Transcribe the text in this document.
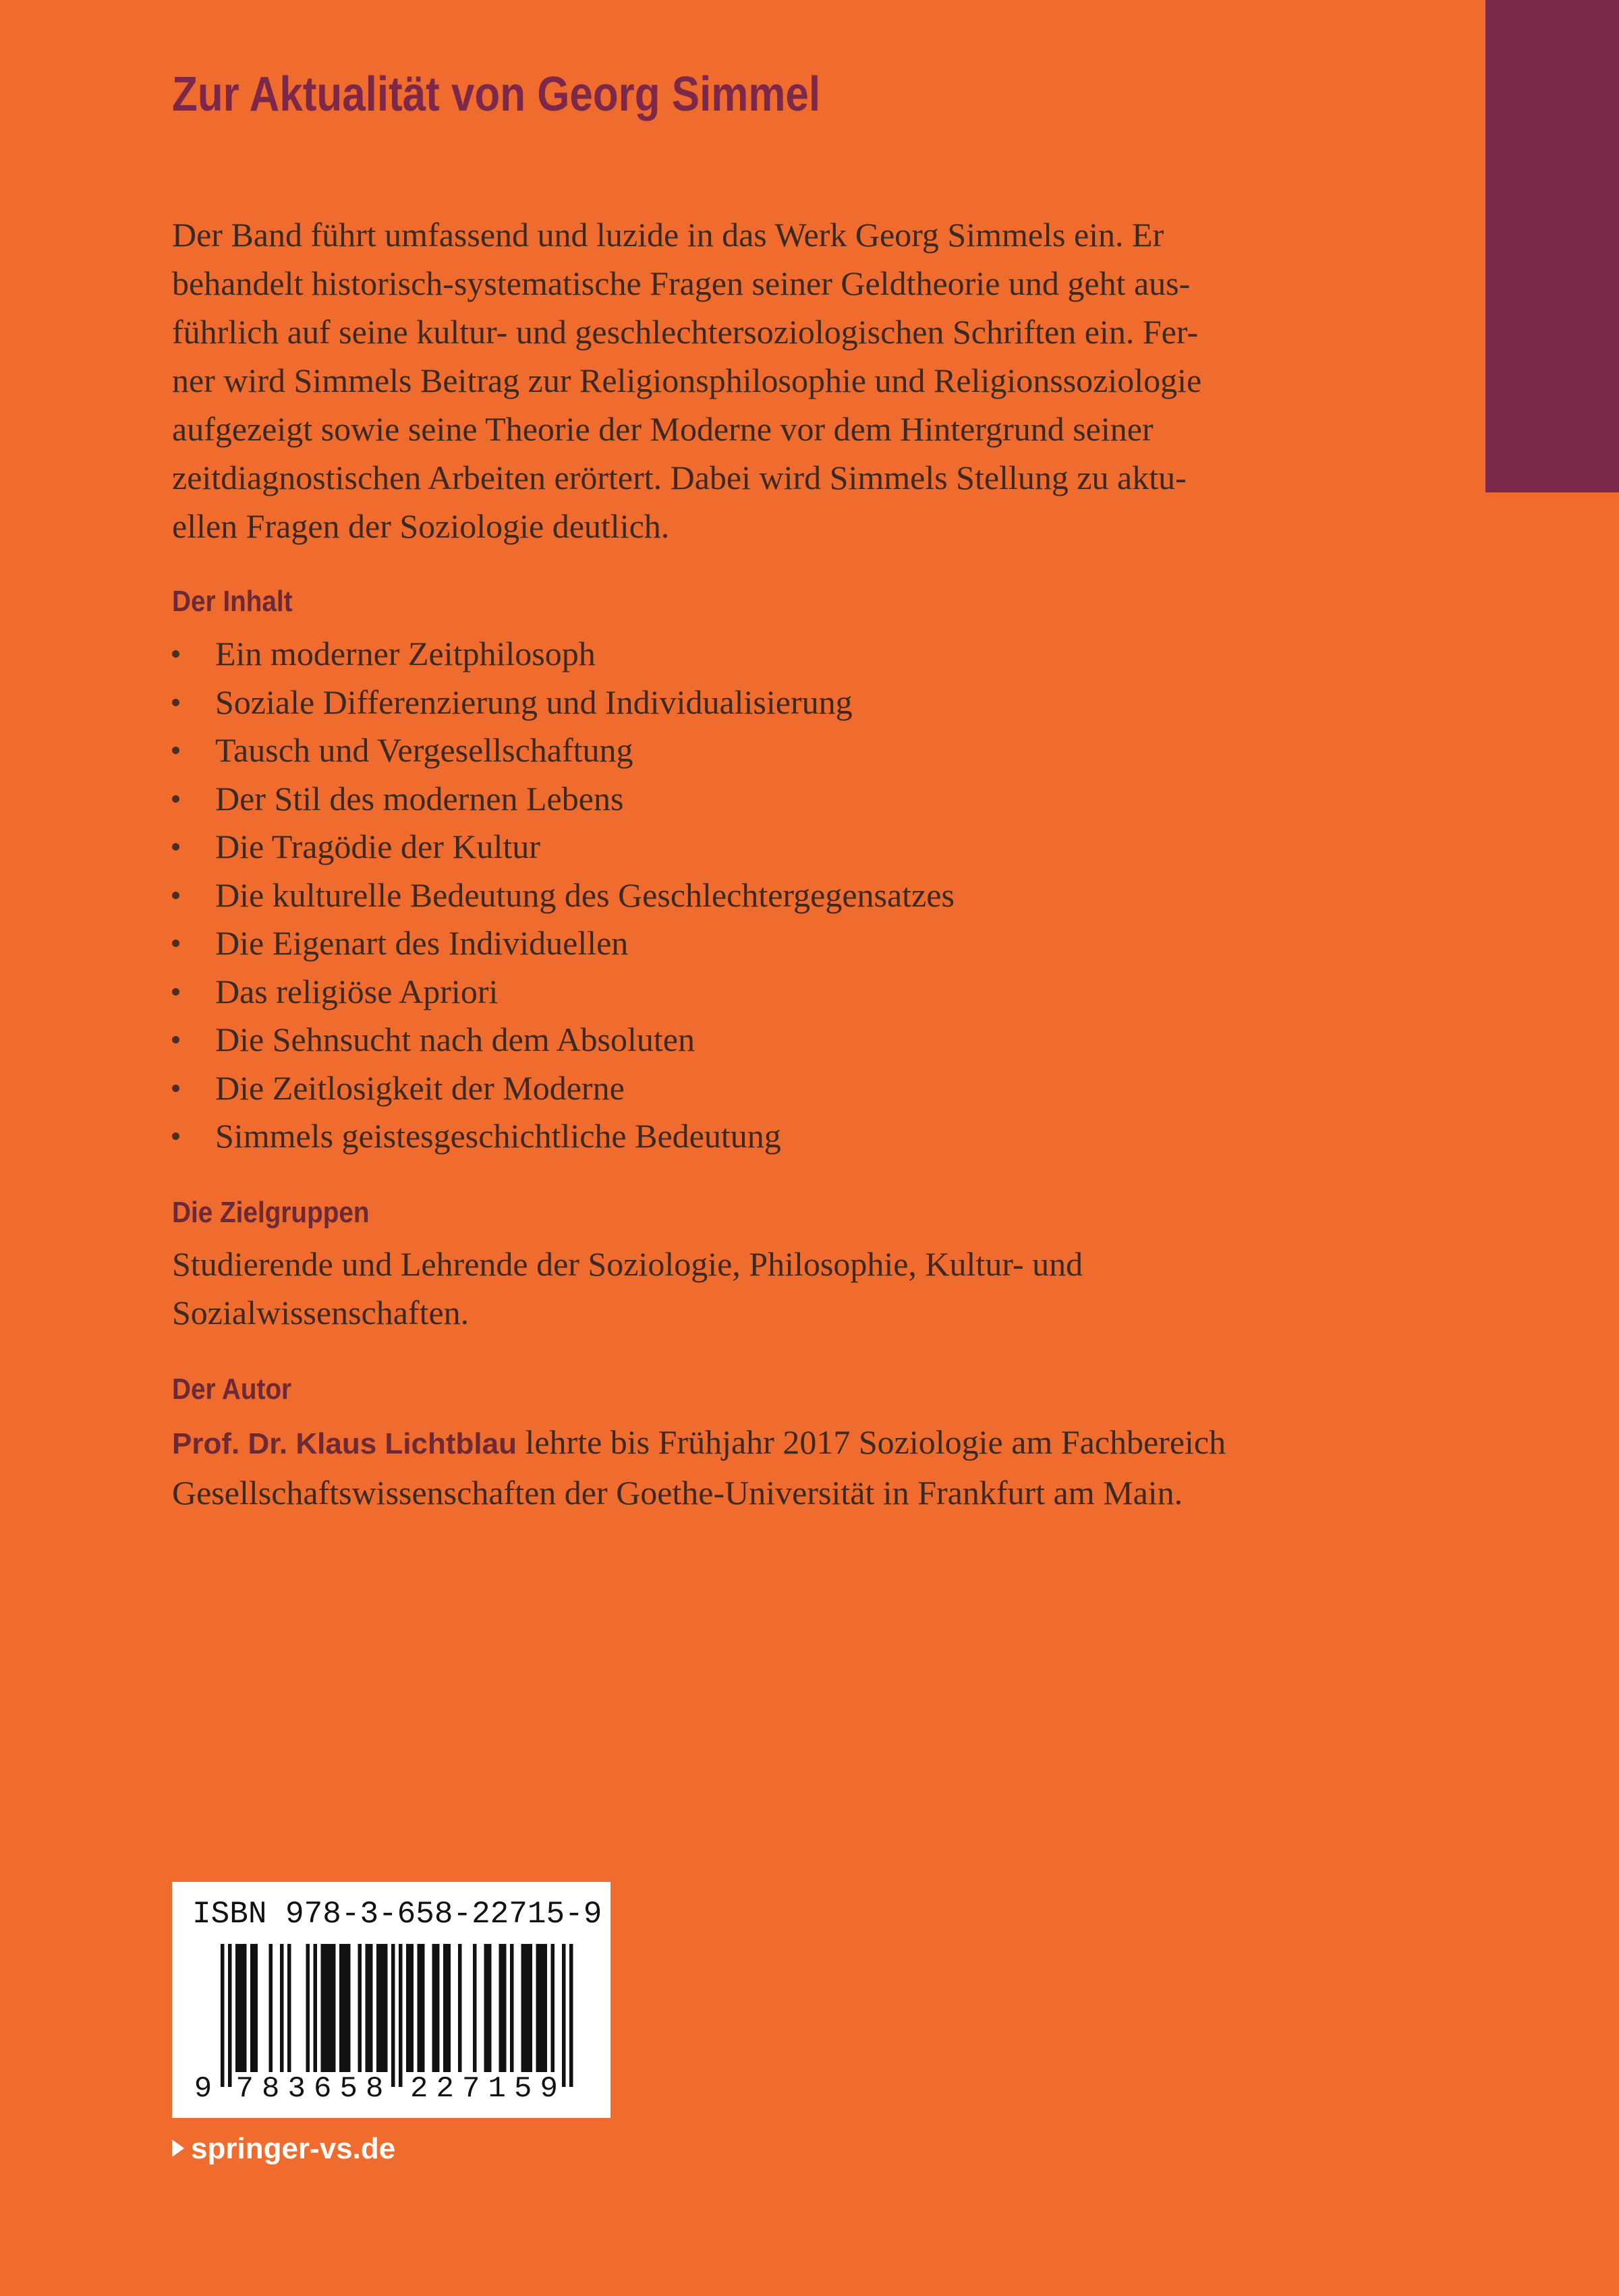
Zur Aktualität von Georg Simmel
Der Band führt umfassend und luzide in das Werk Georg Simmels ein. Er
behandelt historisch-systematische Fragen seiner Geldtheorie und geht aus-
führlich auf seine kultur- und geschlechtersoziologischen Schriften ein. Fer-
ner wird Simmels Beitrag zur Religionsphilosophie und Religionssoziologie
aufgezeigt sowie seine Theorie der Moderne vor dem Hintergrund seiner
zeitdiagnostischen Arbeiten erörtert. Dabei wird Simmels Stellung zu aktu-
ellen Fragen der Soziologie deutlich.
Der Inhalt
Ein moderner Zeitphilosoph
Soziale Differenzierung und Individualisierung
Tausch und Vergesellschaftung
Der Stil des modernen Lebens
Die Tragödie der Kultur
Die kulturelle Bedeutung des Geschlechtergegensatzes
Die Eigenart des Individuellen
Das religiöse Apriori
Die Sehnsucht nach dem Absoluten
Die Zeitlosigkeit der Moderne
Simmels geistesgeschichtliche Bedeutung
Die Zielgruppen
Studierende und Lehrende der Soziologie, Philosophie, Kultur- und
Sozialwissenschaften.
Der Autor
Prof. Dr. Klaus Lichtblau lehrte bis Frühjahr 2017 Soziologie am Fachbereich
Gesellschaftswissenschaften der Goethe-Universität in Frankfurt am Main.
ISBN 978-3-658-22715-9
9 7 8 3 6 5 8 2 2 7 1 5 9
springer-vs.de
